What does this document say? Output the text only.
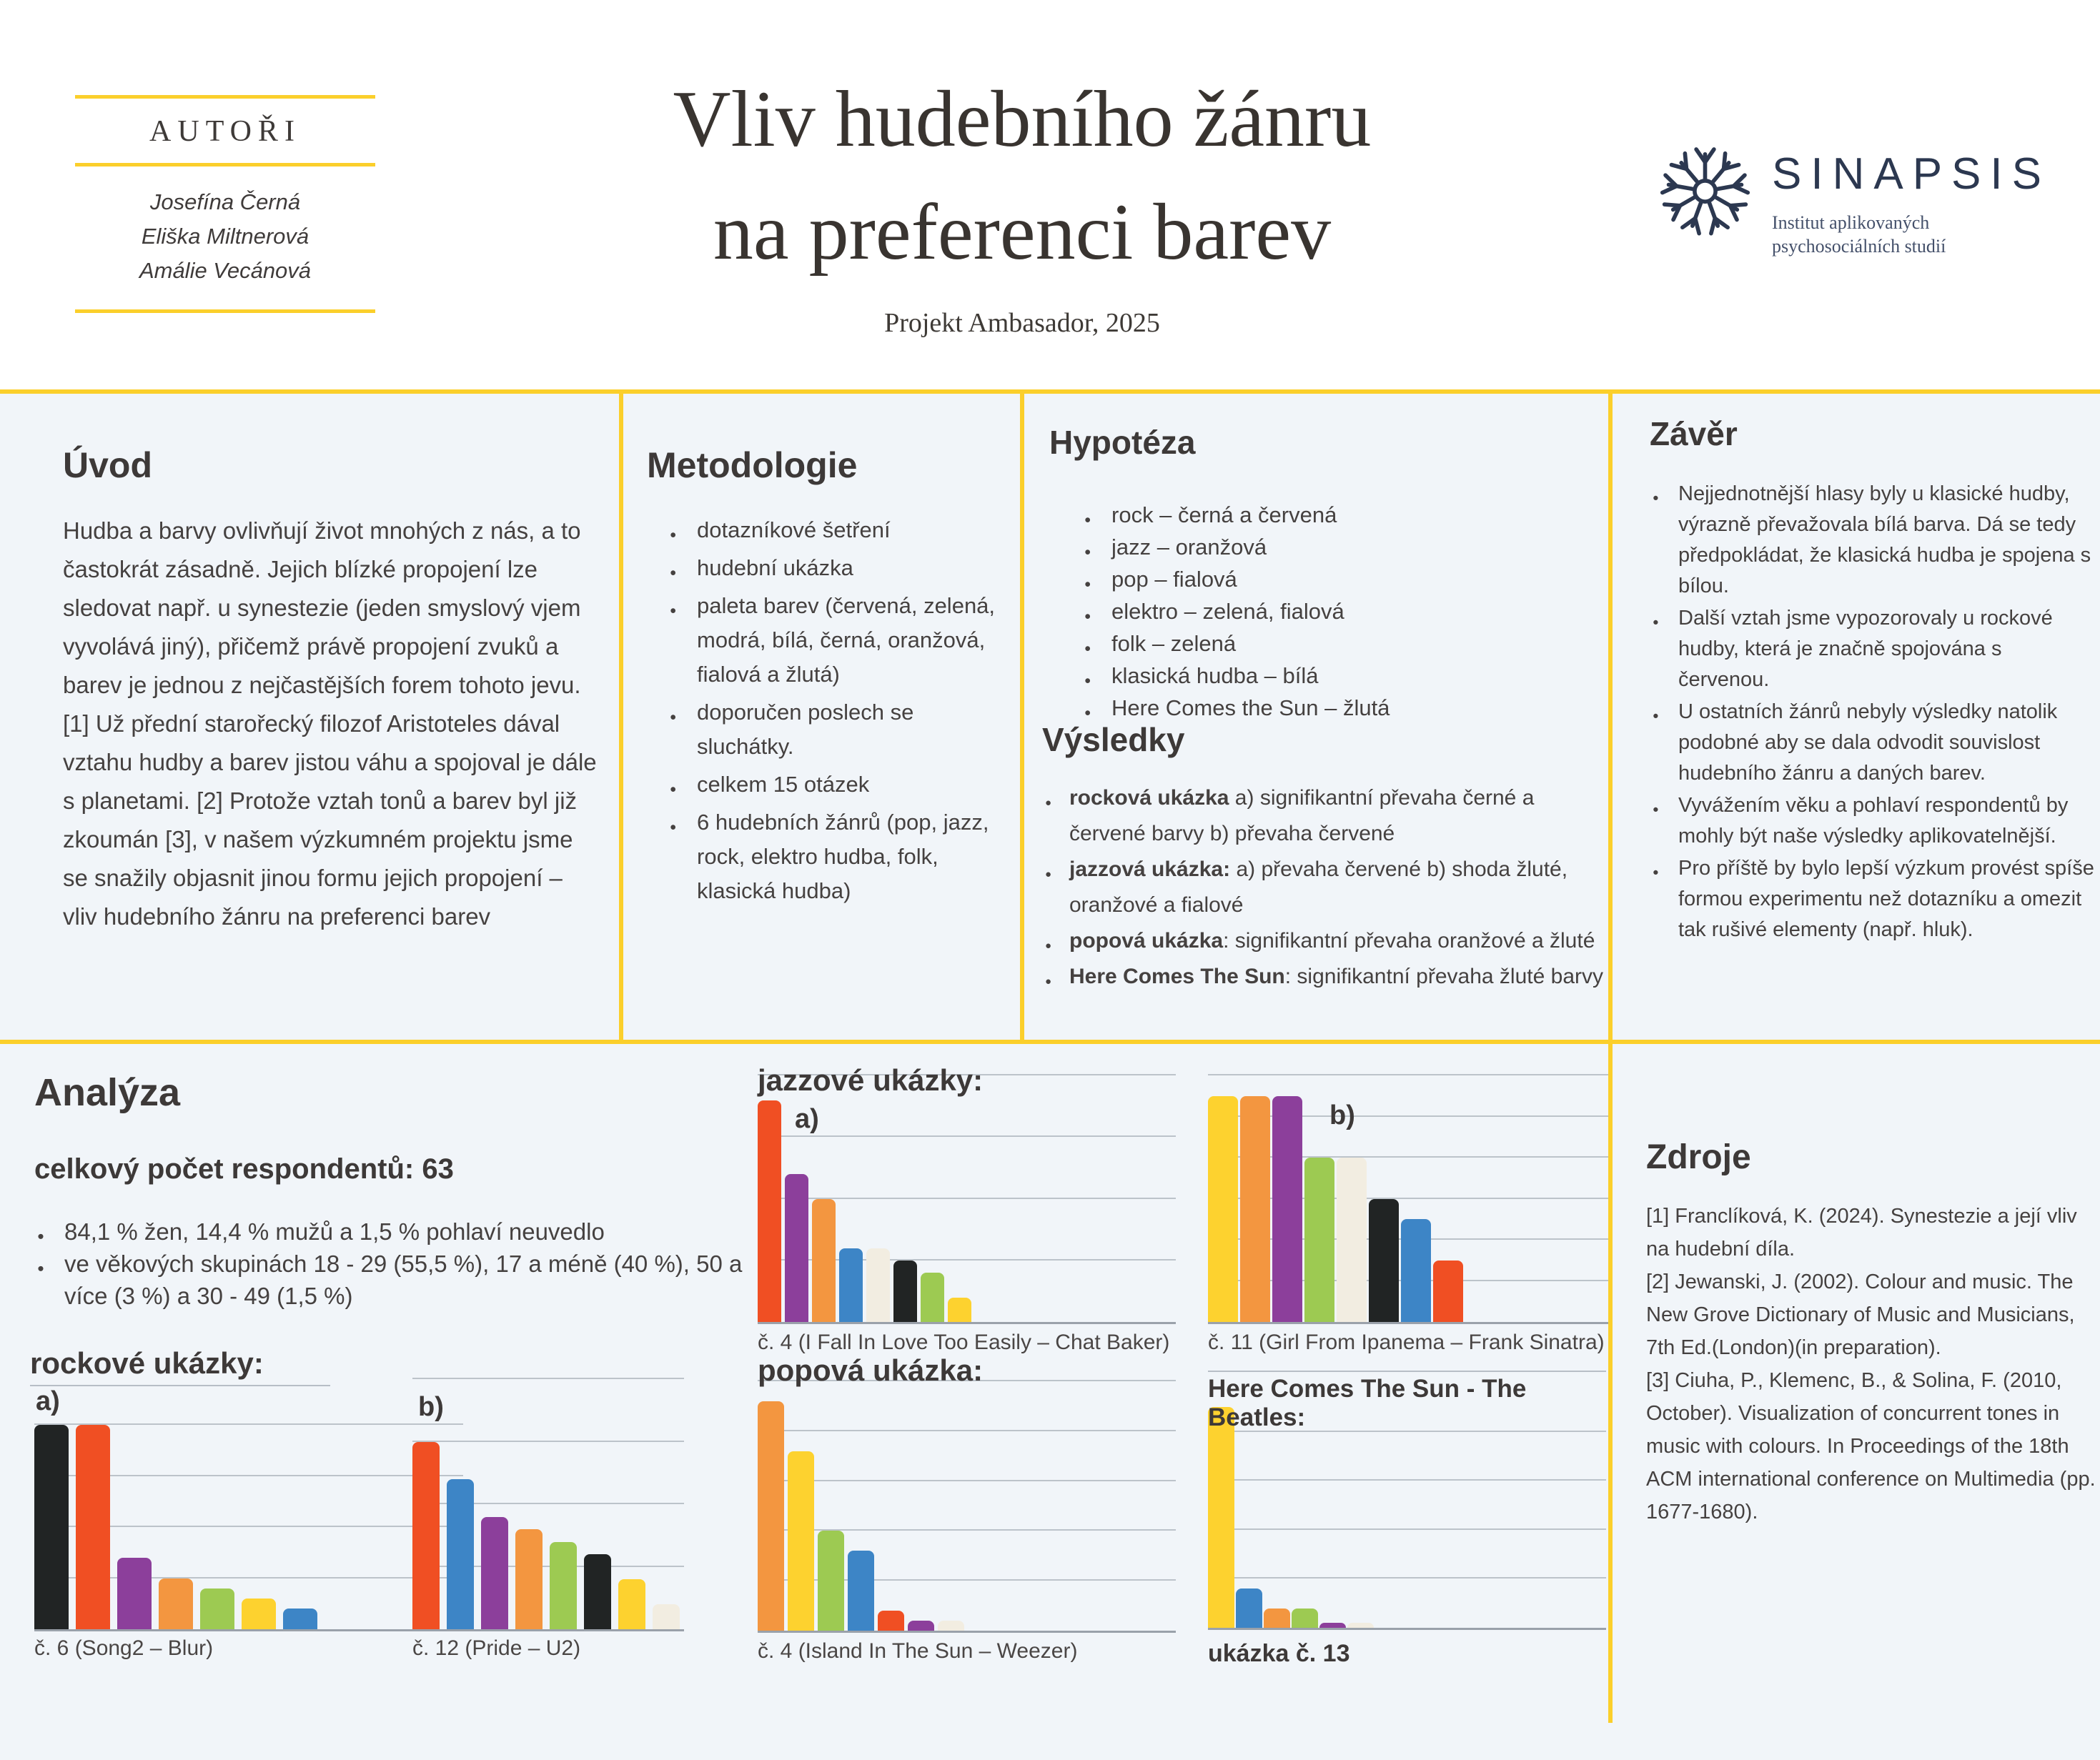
AUTOŘI
Josefína Černá
Eliška Miltnerová
Amálie Vecánová
Vliv hudebního žánru
na preferenci barev
Projekt Ambasador, 2025
SINAPSIS
Institut aplikovaných
psychosociálních studií
Úvod

Hudba a barvy ovlivňují život mnohých z nás, a to častokrát zásadně. Jejich blízké propojení lze sledovat např. u synestezie (jeden smyslový vjem vyvolává jiný), přičemž právě propojení zvuků a barev je jednou z nejčastějších forem tohoto jevu.[1] Už přední starořecký filozof Aristoteles dával vztahu hudby a barev jistou váhu a spojoval je dále s planetami. [2] Protože vztah tonů a barev byl již zkoumán [3], v našem výzkumném projektu jsme se snažily objasnit jinou formu jejich propojení – vliv hudebního žánru na preferenci barev

Metodologie
● dotazníkové šetření
● hudební ukázka
● paleta barev (červená, zelená, modrá, bílá, černá, oranžová, fialová a žlutá)
● doporučen poslech se sluchátky.
● celkem 15 otázek
● 6 hudebních žánrů (pop, jazz, rock, elektro hudba, folk, klasická hudba)
Hypotéza
● rock – černá a červená
● jazz – oranžová
● pop – fialová
● elektro – zelená, fialová
● folk – zelená
● klasická hudba – bílá
● Here Comes the Sun – žlutá
Výsledky
● rocková ukázka a) signifikantní převaha černé a červené barvy b) převaha červené
● jazzová ukázka: a) převaha červené b) shoda žluté, oranžové a fialové
● popová ukázka: signifikantní převaha oranžové a žluté
● Here Comes The Sun: signifikantní převaha žluté barvy
Závěr
● Nejjednotnější hlasy byly u klasické hudby, výrazně převažovala bílá barva. Dá se tedy předpokládat, že klasická hudba je spojena s bílou.
● Další vztah jsme vypozorovaly u rockové hudby, která je značně spojována s červenou.
● U ostatních žánrů nebyly výsledky natolik podobné aby se dala odvodit souvislost hudebního žánru a daných barev.
● Vyvážením věku a pohlaví respondentů by mohly být naše výsledky aplikovatelnější.
● Pro příště by bylo lepší výzkum provést spíše formou experimentu než dotazníku a omezit tak rušivé elementy (např. hluk).
Analýza
celkový počet respondentů: 63
● 84,1 % žen, 14,4 % mužů a 1,5 % pohlaví neuvedlo
● ve věkových skupinách 18 - 29 (55,5 %), 17 a méně (40 %), 50 a více (3 %) a 30 - 49 (1,5 %)
Zdroje

[1] Franclíková, K. (2024). Synestezie a její vliv na hudební díla.

[2] Jewanski, J. (2002). Colour and music. The New Grove Dictionary of Music and Musicians, 7th Ed.(London)(in preparation).

[3] Ciuha, P., Klemenc, B., & Solina, F. (2010, October). Visualization of concurrent tones in music with colours. In Proceedings of the 18th ACM international conference on Multimedia (pp. 1677-1680).

rockové ukázky:
jazzové ukázky:
popová ukázka:
Here Comes The Sun - The Beatles:
a)
č. 6 (Song2 – Blur)
b)
č. 12 (Pride – U2)
a)
č. 4 (I Fall In Love Too Easily – Chat Baker)
b)
č. 11 (Girl From Ipanema – Frank Sinatra)
č. 4 (Island In The Sun – Weezer)	ukázka č. 13
